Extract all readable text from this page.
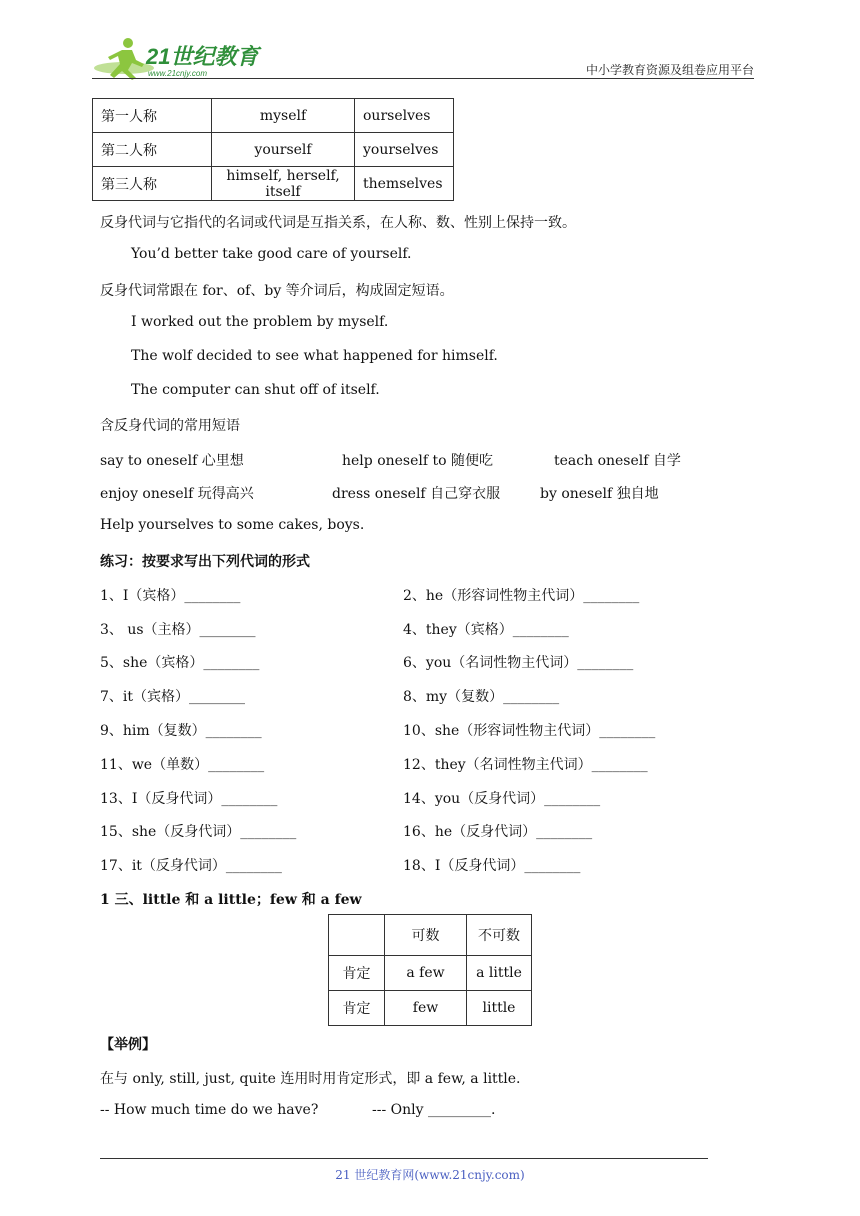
21世纪教育
www.21cnjy.com	中小学教育资源及组卷应用平台
第一人称	myself	ourselves
第二人称	yourself	yourselves
第三人称	himself, herself, itself	themselves
反身代词与它指代的名词或代词是互指关系，在人称、数、性别上保持一致。
You’d better take good care of yourself.
反身代词常跟在 for、of、by 等介词后，构成固定短语。
I worked out the problem by myself.
The wolf decided to see what happened for himself.
The computer can shut off of itself.
含反身代词的常用短语
say to oneself 心里想	help oneself to 随便吃	teach oneself 自学
enjoy oneself 玩得高兴	dress oneself 自己穿衣服	by oneself 独自地
Help yourselves to some cakes, boys.
练习：按要求写出下列代词的形式
1、I（宾格）________	2、he（形容词性物主代词）________
3、 us（主格）________	4、they（宾格）________
5、she（宾格）________	6、you（名词性物主代词）________
7、it（宾格）________	8、my（复数）________
9、him（复数）________	10、she（形容词性物主代词）________
11、we（单数）________	12、they（名词性物主代词）________
13、I（反身代词）________	14、you（反身代词）________
15、she（反身代词）________	16、he（反身代词）________
17、it（反身代词）________	18、I（反身代词）________
1 三、little 和 a little；few 和 a few
	可数	不可数
肯定	a few	a little
肯定	few	little
【举例】
在与 only, still, just, quite 连用时用肯定形式，即 a few, a little.
-- How much time do we have?	--- Only _________.
21 世纪教育网(www.21cnjy.com)
